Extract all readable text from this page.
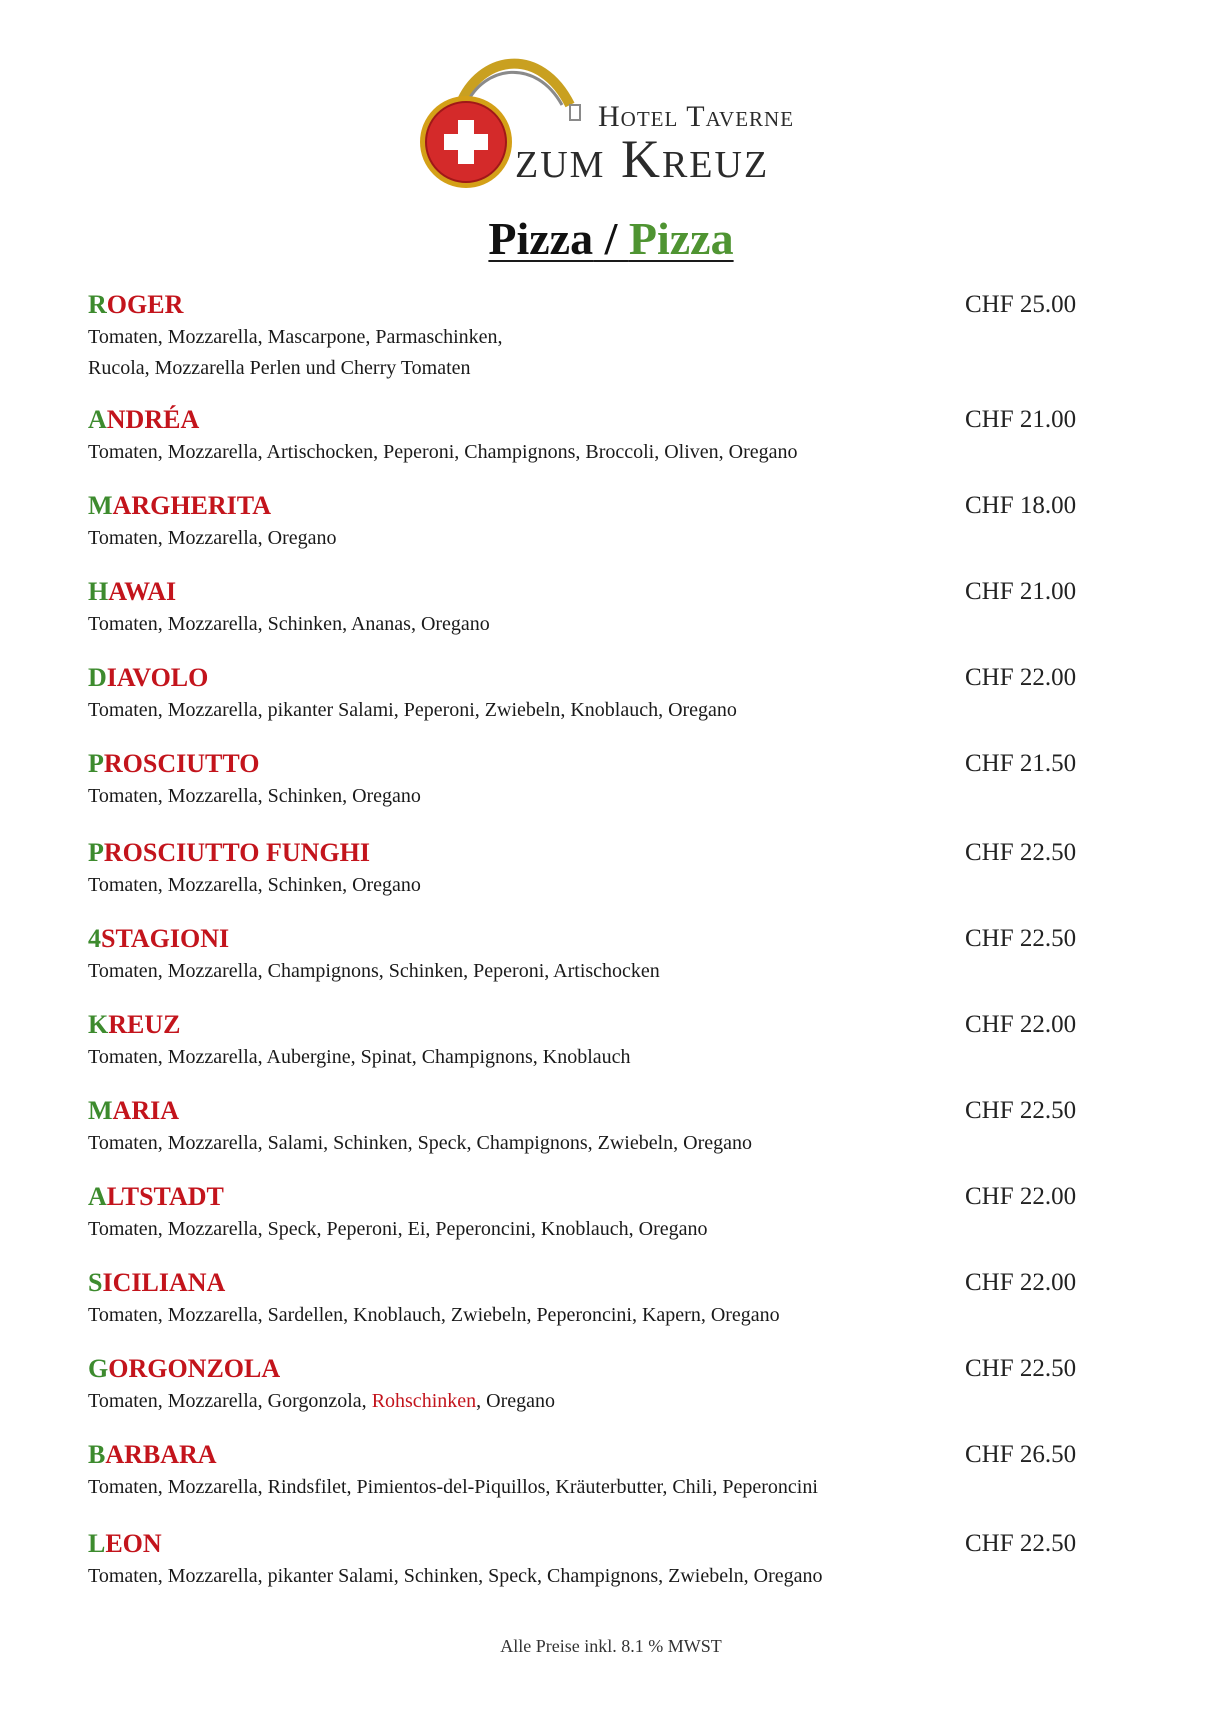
Hotel Taverne
zum Kreuz
Pizza / Pizza
ROGER	CHF 25.00
Tomaten, Mozzarella, Mascarpone, Parmaschinken,
Rucola, Mozzarella Perlen und Cherry Tomaten
ANDRÉA	CHF 21.00
Tomaten, Mozzarella, Artischocken, Peperoni, Champignons, Broccoli, Oliven, Oregano
MARGHERITA	CHF 18.00
Tomaten, Mozzarella, Oregano
HAWAI	CHF 21.00
Tomaten, Mozzarella, Schinken, Ananas, Oregano
DIAVOLO	CHF 22.00
Tomaten, Mozzarella, pikanter Salami, Peperoni, Zwiebeln, Knoblauch, Oregano
PROSCIUTTO	CHF 21.50
Tomaten, Mozzarella, Schinken, Oregano
PROSCIUTTO FUNGHI	CHF 22.50
Tomaten, Mozzarella, Schinken, Oregano
4STAGIONI	CHF 22.50
Tomaten, Mozzarella, Champignons, Schinken, Peperoni, Artischocken
KREUZ	CHF 22.00
Tomaten, Mozzarella, Aubergine, Spinat, Champignons, Knoblauch
MARIA	CHF 22.50
Tomaten, Mozzarella, Salami, Schinken, Speck, Champignons, Zwiebeln, Oregano
ALTSTADT	CHF 22.00
Tomaten, Mozzarella, Speck, Peperoni, Ei, Peperoncini, Knoblauch, Oregano
SICILIANA	CHF 22.00
Tomaten, Mozzarella, Sardellen, Knoblauch, Zwiebeln, Peperoncini, Kapern, Oregano
GORGONZOLA	CHF 22.50
Tomaten, Mozzarella, Gorgonzola, Rohschinken, Oregano
BARBARA	CHF 26.50
Tomaten, Mozzarella, Rindsfilet, Pimientos-del-Piquillos, Kräuterbutter, Chili, Peperoncini
LEON	CHF 22.50
Tomaten, Mozzarella, pikanter Salami, Schinken, Speck, Champignons, Zwiebeln, Oregano
Alle Preise inkl. 8.1 % MWST
